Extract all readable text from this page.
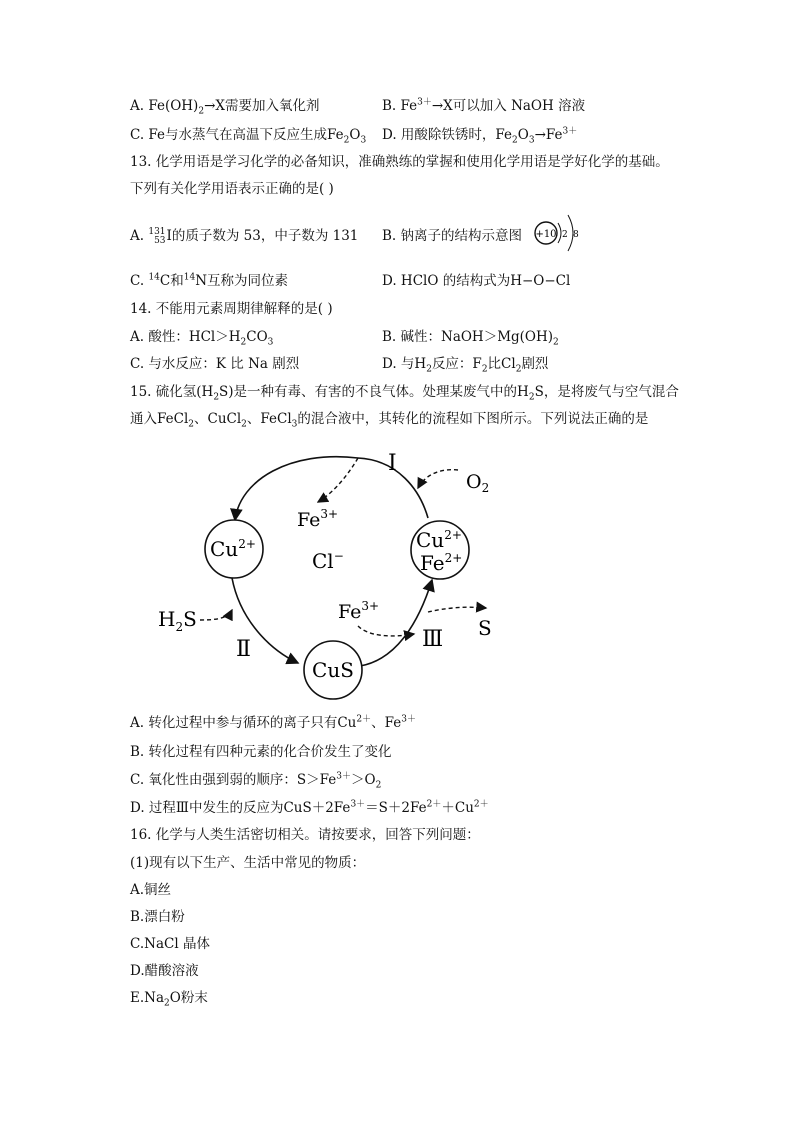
A. $Fe(OH)_2\to X$需要加入氧化剂	B. $Fe^{3+}\to X$可以加入 NaOH 溶液
C. Fe与水蒸气在高温下反应生成$Fe_2O_3$ D. 用酸除铁锈时，$Fe_2O_3\to Fe^{3+}$
13. 化学用语是学习化学的必备知识，准确熟练的掌握和使用化学用语是学好化学的基础。
下列有关化学用语表示正确的是( )
A. 131
53I的质子数为 53，中子数为 131 B. 钠离子的结构示意图 +10 2 8
C. $^{14}$C和$^{14}$N互称为同位素	D. HClO 的结构式为H−O−Cl
14. 不能用元素周期律解释的是( )
A. 酸性：$HCl>H_2CO_3$	B. 碱性：$NaOH>Mg(OH)_2$
C. 与水反应：K 比 Na 剧烈	D. 与$H_2$反应：$F_2$比$Cl_2$剧烈
15. 硫化氢$(H_2S)$是一种有毒、有害的不良气体。处理某废气中的$H_2S$，是将废气与空气混合
通入FeCl$_2$、CuCl$_2$、FeCl$_3$的混合液中，其转化的流程如下图所示。下列说法正确的是
Ⅰ
Ⅱ	Ⅲ
$O_2$
$Fe^{3+}$
$Cu^{2+}$
Cl−
$Cu^{2+}$
$Fe^{2+}$
$H_2S$	$Fe^{3+}$
S
CuS
A. 转化过程中参与循环的离子只有$Cu^{2+}$、$Fe^{3+}$
B. 转化过程有四种元素的化合价发生了变化
C. 氧化性由强到弱的顺序：$S>Fe^{3+}>O_2$
D. 过程Ⅲ中发生的反应为$CuS+2Fe^{3+}=S+2Fe^{2+}+Cu^{2+}$
16. 化学与人类生活密切相关。请按要求，回答下列问题：
(1)现有以下生产、生活中常见的物质：
A.铜丝
B.漂白粉
C.NaCl 晶体
D.醋酸溶液
$E.Na_2O$粉末
